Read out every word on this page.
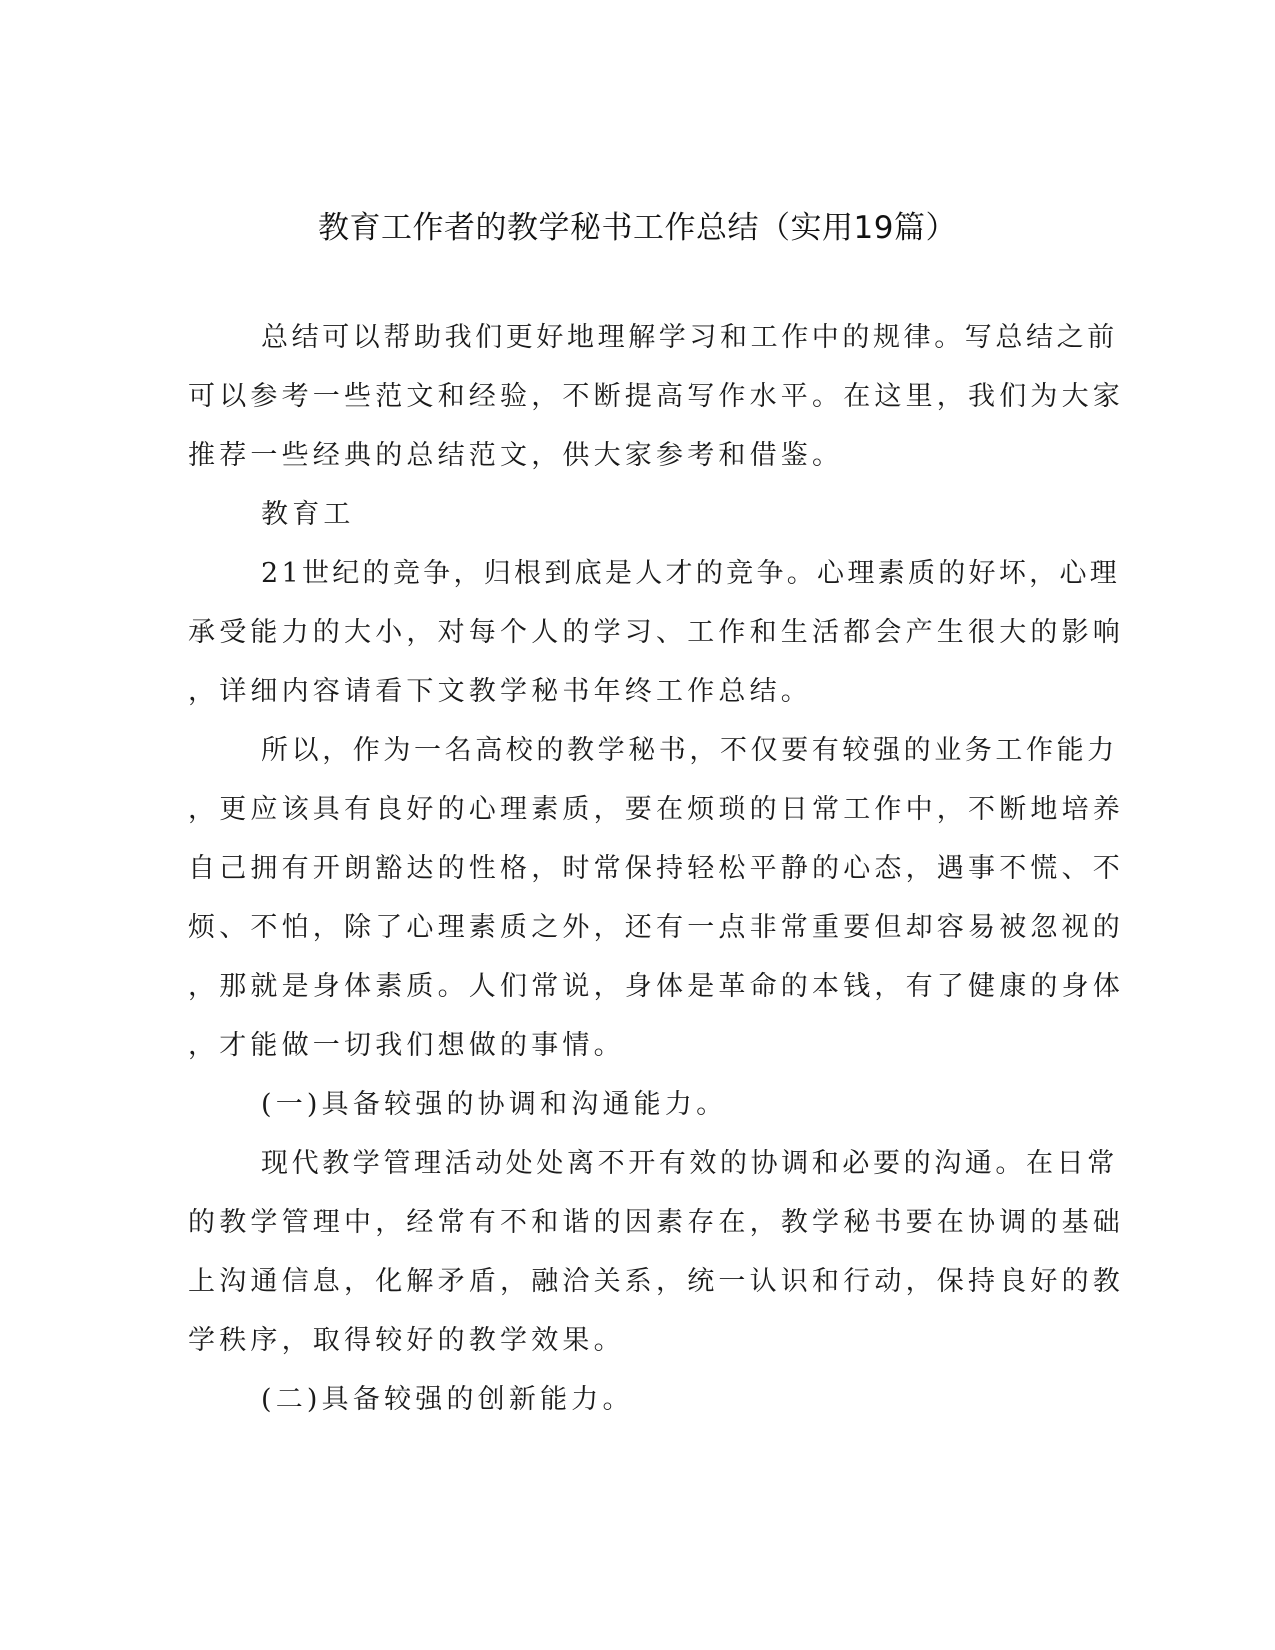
教育工作者的教学秘书工作总结（实用19篇）
总结可以帮助我们更好地理解学习和工作中的规律。写总结之前
可以参考一些范文和经验，不断提高写作水平。在这里，我们为大家
推荐一些经典的总结范文，供大家参考和借鉴。
教育工
21世纪的竞争，归根到底是人才的竞争。心理素质的好坏，心理
承受能力的大小，对每个人的学习、工作和生活都会产生很大的影响
，详细内容请看下文教学秘书年终工作总结。
所以，作为一名高校的教学秘书，不仅要有较强的业务工作能力
，更应该具有良好的心理素质，要在烦琐的日常工作中，不断地培养
自己拥有开朗豁达的性格，时常保持轻松平静的心态，遇事不慌、不
烦、不怕，除了心理素质之外，还有一点非常重要但却容易被忽视的
，那就是身体素质。人们常说，身体是革命的本钱，有了健康的身体
，才能做一切我们想做的事情。
(一)具备较强的协调和沟通能力。
现代教学管理活动处处离不开有效的协调和必要的沟通。在日常
的教学管理中，经常有不和谐的因素存在，教学秘书要在协调的基础
上沟通信息，化解矛盾，融洽关系，统一认识和行动，保持良好的教
学秩序，取得较好的教学效果。
(二)具备较强的创新能力。
